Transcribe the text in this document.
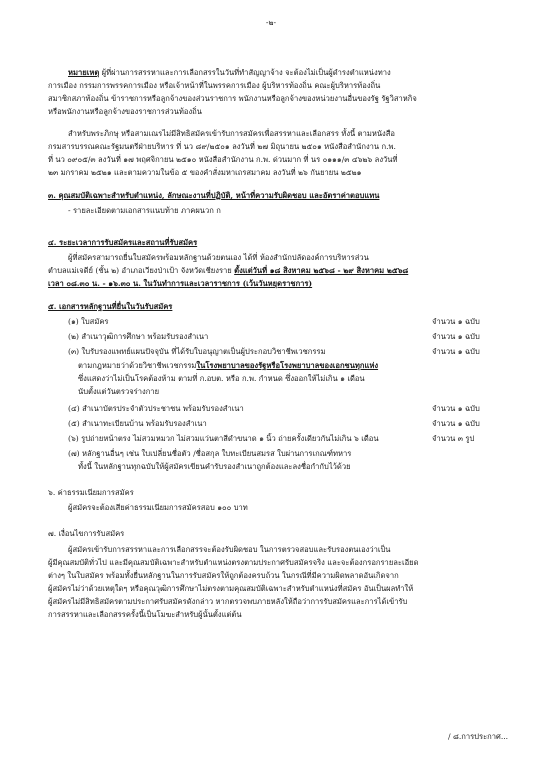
-๒-
หมายเหตุ ผู้ที่ผ่านการสรรหาและการเลือกสรรในวันที่ทำสัญญาจ้าง จะต้องไม่เป็นผู้ดำรงตำแหน่งทาง
การเมือง กรรมการพรรคการเมือง หรือเจ้าหน้าที่ในพรรคการเมือง ผู้บริหารท้องถิ่น คณะผู้บริหารท้องถิ่น
สมาชิกสภาท้องถิ่น ข้าราชการหรือลูกจ้างของส่วนราชการ พนักงานหรือลูกจ้างของหน่วยงานอื่นของรัฐ รัฐวิสาหกิจ
หรือพนักงานหรือลูกจ้างของราชการส่วนท้องถิ่น
สำหรับพระภิกษุ หรือสามเณรไม่มีสิทธิสมัครเข้ารับการสมัครเพื่อสรรหาและเลือกสรร ทั้งนี้ ตามหนังสือ
กรมสารบรรณคณะรัฐมนตรีฝ่ายบริหาร ที่ นว ๘๙/๒๕๐๑ ลงวันที่ ๒๗ มิถุนายน ๒๕๐๑ หนังสือสำนักงาน ก.พ.
ที่ นว ๐๙๐๕/๓ ลงวันที่ ๑๗ พฤศจิกายน ๒๕๑๐ หนังสือสำนักงาน ก.พ. ด่วนมาก ที่ นร ๐๑๑๑/๓ ๔๖๒๖ ลงวันที่
๒๓ มกราคม ๒๕๒๑ และตามความในข้อ ๕ ของคำสั่งมหาเถรสมาคม ลงวันที่ ๒๖ กันยายน ๒๕๒๑
๓. คุณสมบัติเฉพาะสำหรับตำแหน่ง, ลักษณะงานที่ปฏิบัติ, หน้าที่ความรับผิดชอบ และอัตราค่าตอบแทน
- รายละเอียดตามเอกสารแนบท้าย ภาคผนวก ก
๔. ระยะเวลาการรับสมัครและสถานที่รับสมัคร
ผู้ที่สมัครสามารถยื่นใบสมัครพร้อมหลักฐานด้วยตนเอง ได้ที่ ห้องสำนักปลัดองค์การบริหารส่วน
ตำบลแม่เจดีย์ (ชั้น ๒) อำเภอเวียงป่าเป้า จังหวัดเชียงราย ตั้งแต่วันที่ ๑๘ สิงหาคม ๒๕๖๘ - ๒๙ สิงหาคม ๒๕๖๘
เวลา ๐๘.๓๐ น. - ๑๖.๓๐ น. ในวันทำการและเวลาราชการ (เว้นวันหยุดราชการ)
๕. เอกสารหลักฐานที่ยื่นในวันรับสมัคร
(๑) ใบสมัคร	จำนวน ๑ ฉบับ
(๒) สำเนาวุฒิการศึกษา พร้อมรับรองสำเนา	จำนวน ๑ ฉบับ
(๓) ใบรับรองแพทย์แผนปัจจุบัน ที่ได้รับใบอนุญาตเป็นผู้ประกอบวิชาชีพเวชกรรม	จำนวน ๑ ฉบับ
ตามกฎหมายว่าด้วยวิชาชีพเวชกรรมในโรงพยาบาลของรัฐหรือโรงพยาบาลของเอกชนทุกแห่ง
ซึ่งแสดงว่าไม่เป็นโรคต้องห้าม ตามที่ ก.อบต. หรือ ก.พ. กำหนด ซึ่งออกให้ไม่เกิน ๑ เดือน
นับตั้งแต่วันตรวจร่างกาย
(๔) สำเนาบัตรประจำตัวประชาชน พร้อมรับรองสำเนา	จำนวน ๑ ฉบับ
(๕) สำเนาทะเบียนบ้าน พร้อมรับรองสำเนา	จำนวน ๑ ฉบับ
(๖) รูปถ่ายหน้าตรง ไม่สวมหมวก ไม่สวมแว่นตาสีดำขนาด ๑ นิ้ว ถ่ายครั้งเดียวกันไม่เกิน ๖ เดือน	จำนวน ๓ รูป
(๗) หลักฐานอื่นๆ เช่น ใบเปลี่ยนชื่อตัว /ชื่อสกุล ใบทะเบียนสมรส ใบผ่านการเกณฑ์ทหาร
ทั้งนี้ ในหลักฐานทุกฉบับให้ผู้สมัครเขียนคำรับรองสำเนาถูกต้องและลงชื่อกำกับไว้ด้วย
๖. ค่าธรรมเนียมการสมัคร
ผู้สมัครจะต้องเสียค่าธรรมเนียมการสมัครสอบ ๑๐๐ บาท
๗. เงื่อนไขการรับสมัคร
ผู้สมัครเข้ารับการสรรหาและการเลือกสรรจะต้องรับผิดชอบ ในการตรวจสอบและรับรองตนเองว่าเป็น
ผู้มีคุณสมบัติทั่วไป และมีคุณสมบัติเฉพาะสำหรับตำแหน่งตรงตามประกาศรับสมัครจริง และจะต้องกรอกรายละเอียด
ต่างๆ ในใบสมัคร พร้อมทั้งยื่นหลักฐานในการรับสมัครให้ถูกต้องครบถ้วน ในกรณีที่มีความผิดพลาดอันเกิดจาก
ผู้สมัครไม่ว่าด้วยเหตุใดๆ หรือคุณวุฒิการศึกษาไม่ตรงตามคุณสมบัติเฉพาะสำหรับตำแหน่งที่สมัคร อันเป็นผลทำให้
ผู้สมัครไม่มีสิทธิสมัครตามประกาศรับสมัครดังกล่าว หากตรวจพบภายหลังให้ถือว่าการรับสมัครและการได้เข้ารับ
การสรรหาและเลือกสรรครั้งนี้เป็นโมฆะสำหรับผู้นั้นตั้งแต่ต้น
/ ๘.การประกาศ...
